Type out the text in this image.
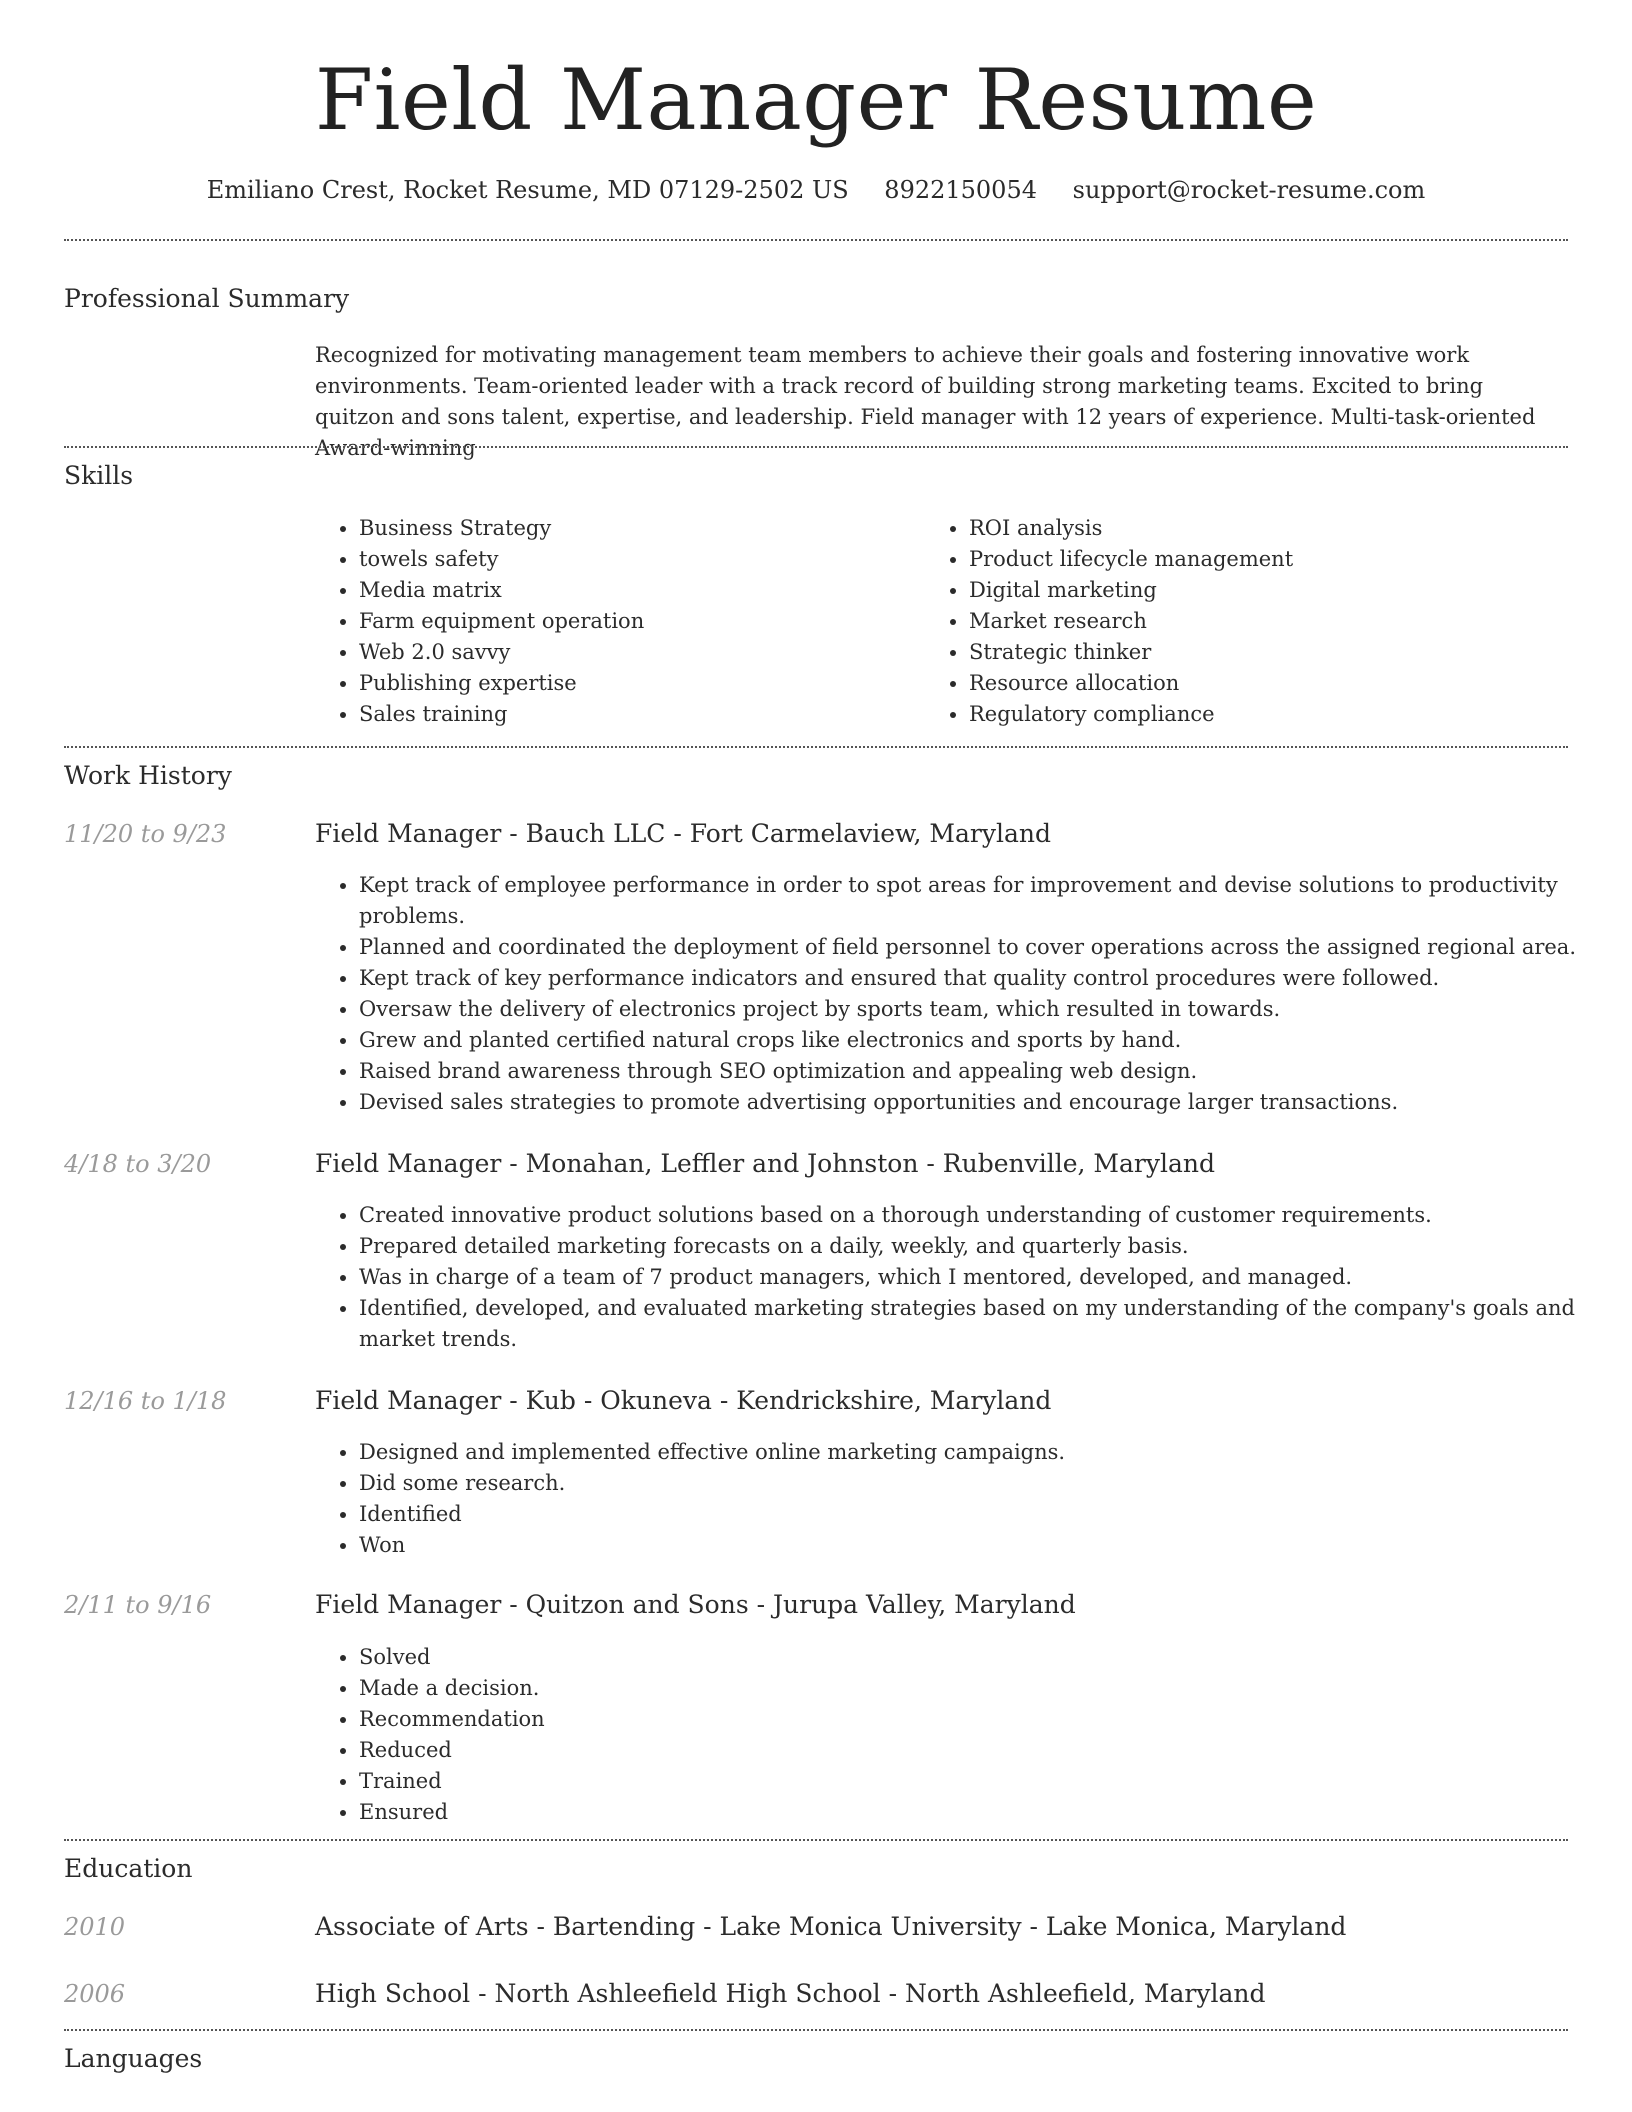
Field Manager Resume
Emiliano Crest, Rocket Resume, MD 07129-2502 US 8922150054 support@rocket-resume.com
Professional Summary

Recognized for motivating management team members to achieve their goals and fostering innovative work environments. Team-oriented leader with a track record of building strong marketing teams. Excited to bring quitzon and sons talent, expertise, and leadership. Field manager with 12 years of experience. Multi-task-oriented Award-winning

Skills
• Business Strategy
• towels safety
• Media matrix
• Farm equipment operation
• Web 2.0 savvy
• Publishing expertise
• Sales training
• ROI analysis
• Product lifecycle management
• Digital marketing
• Market research
• Strategic thinker
• Resource allocation
• Regulatory compliance
Work History
11/20 to 9/23	Field Manager - Bauch LLC - Fort Carmelaview, Maryland
• Kept track of employee performance in order to spot areas for improvement and devise solutions to productivity problems.
• Planned and coordinated the deployment of field personnel to cover operations across the assigned regional area.
• Kept track of key performance indicators and ensured that quality control procedures were followed.
• Oversaw the delivery of electronics project by sports team, which resulted in towards.
• Grew and planted certified natural crops like electronics and sports by hand.
• Raised brand awareness through SEO optimization and appealing web design.
• Devised sales strategies to promote advertising opportunities and encourage larger transactions.
4/18 to 3/20	Field Manager - Monahan, Leffler and Johnston - Rubenville, Maryland
• Created innovative product solutions based on a thorough understanding of customer requirements.
• Prepared detailed marketing forecasts on a daily, weekly, and quarterly basis.
• Was in charge of a team of 7 product managers, which I mentored, developed, and managed.
• Identified, developed, and evaluated marketing strategies based on my understanding of the company's goals and market trends.
12/16 to 1/18	Field Manager - Kub - Okuneva - Kendrickshire, Maryland
• Designed and implemented effective online marketing campaigns.
• Did some research.
• Identified
• Won
2/11 to 9/16	Field Manager - Quitzon and Sons - Jurupa Valley, Maryland
• Solved
• Made a decision.
• Recommendation
• Reduced
• Trained
• Ensured
Education
2010	Associate of Arts - Bartending - Lake Monica University - Lake Monica, Maryland
2006	High School - North Ashleefield High School - North Ashleefield, Maryland
Languages
